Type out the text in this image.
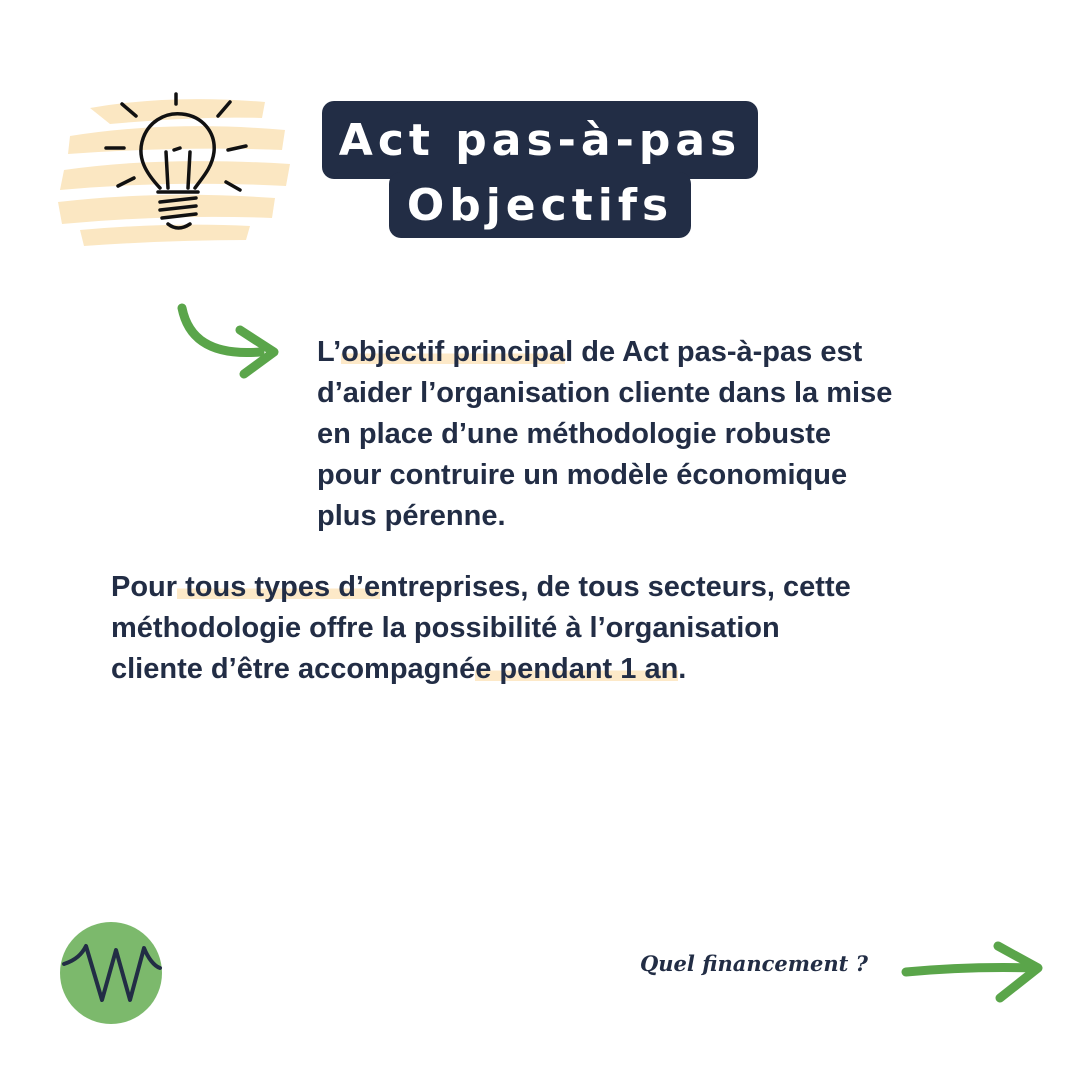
Act pas-à-pas
Objectifs
L’objectif principal de Act pas-à-pas est
d’aider l’organisation cliente dans la mise
en place d’une méthodologie robuste
pour contruire un modèle économique
plus pérenne.
Pour tous types d’entreprises, de tous secteurs, cette
méthodologie offre la possibilité à l’organisation
cliente d’être accompagnée pendant 1 an.
Quel financement ?
